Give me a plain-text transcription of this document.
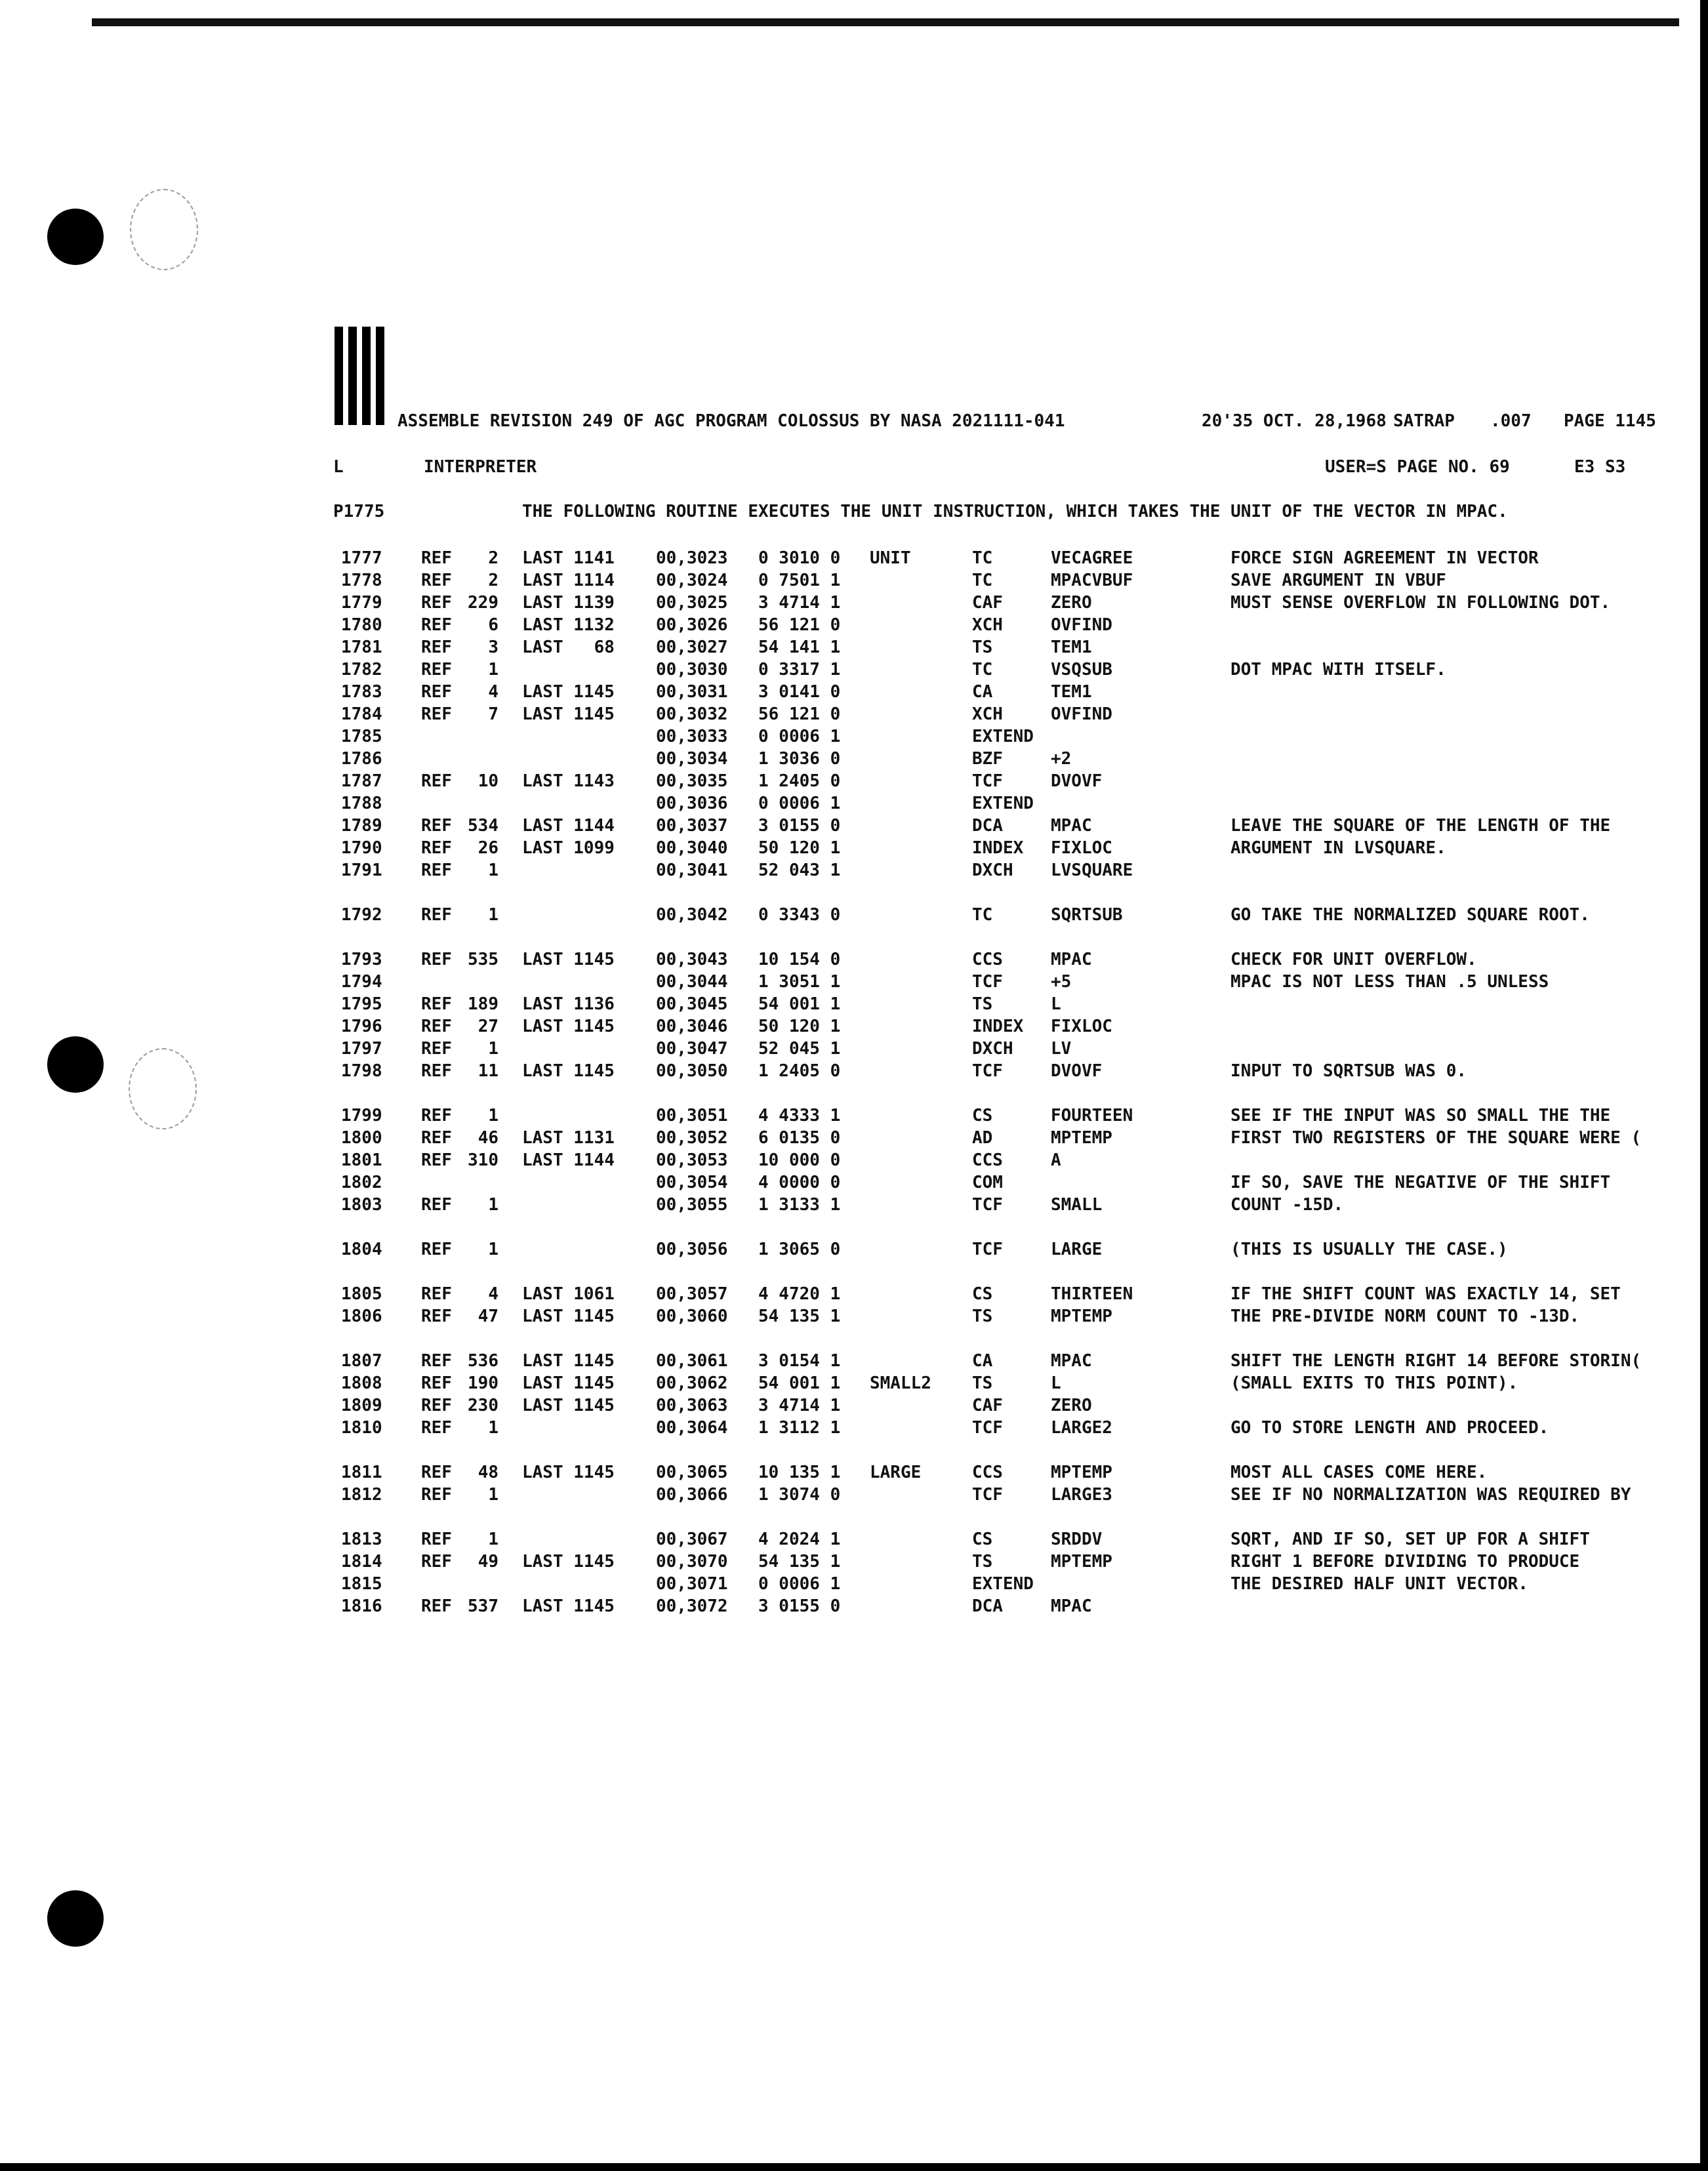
ASSEMBLE REVISION 249 OF AGC PROGRAM COLOSSUS BY NASA 2021111-041	20'35 OCT. 28,1968 SATRAP .007 PAGE 1145
L	INTERPRETER	USER=S PAGE NO. 69	E3 S3
P1775	THE FOLLOWING ROUTINE EXECUTES THE UNIT INSTRUCTION, WHICH TAKES THE UNIT OF THE VECTOR IN MPAC.
1777 REF	2 LAST 1141 00,3023 0 3010 0 UNIT	TC	VECAGREE	FORCE SIGN AGREEMENT IN VECTOR
1778 REF	2 LAST 1114 00,3024 0 7501 1	TC	MPACVBUF	SAVE ARGUMENT IN VBUF
1779 REF 229 LAST 1139 00,3025 3 4714 1	CAF	ZERO	MUST SENSE OVERFLOW IN FOLLOWING DOT.
1780 REF	6 LAST 1132 00,3026 56 121 0	XCH	OVFIND
1781 REF	3 LAST   68 00,3027 54 141 1	TS	TEM1
1782 REF	1	00,3030 0 3317 1	TC	VSQSUB	DOT MPAC WITH ITSELF.
1783 REF	4 LAST 1145 00,3031 3 0141 0	CA	TEM1
1784 REF	7 LAST 1145 00,3032 56 121 0	XCH	OVFIND
1785	00,3033 0 0006 1	EXTEND
1786	00,3034 1 3036 0	BZF	+2
1787 REF	10 LAST 1143 00,3035 1 2405 0	TCF	DVOVF
1788	00,3036 0 0006 1	EXTEND
1789 REF 534 LAST 1144 00,3037 3 0155 0	DCA	MPAC	LEAVE THE SQUARE OF THE LENGTH OF THE
1790 REF	26 LAST 1099 00,3040 50 120 1	INDEX FIXLOC	ARGUMENT IN LVSQUARE.
1791 REF	1	00,3041 52 043 1	DXCH LVSQUARE
1792 REF	1	00,3042 0 3343 0	TC	SQRTSUB	GO TAKE THE NORMALIZED SQUARE ROOT.
1793 REF 535 LAST 1145 00,3043 10 154 0	CCS	MPAC	CHECK FOR UNIT OVERFLOW.
1794	00,3044 1 3051 1	TCF	+5	MPAC IS NOT LESS THAN .5 UNLESS
1795 REF 189 LAST 1136 00,3045 54 001 1	TS	L
1796 REF	27 LAST 1145 00,3046 50 120 1	INDEX FIXLOC
1797 REF	1	00,3047 52 045 1	DXCH LV
1798 REF	11 LAST 1145 00,3050 1 2405 0	TCF	DVOVF	INPUT TO SQRTSUB WAS 0.
1799 REF	1	00,3051 4 4333 1	CS	FOURTEEN	SEE IF THE INPUT WAS SO SMALL THE THE
1800 REF	46 LAST 1131 00,3052 6 0135 0	AD	MPTEMP	FIRST TWO REGISTERS OF THE SQUARE WERE (
1801 REF 310 LAST 1144 00,3053 10 000 0	CCS	A
1802	00,3054 4 0000 0	COM	IF SO, SAVE THE NEGATIVE OF THE SHIFT
1803 REF	1	00,3055 1 3133 1	TCF	SMALL	COUNT -15D.
1804 REF	1	00,3056 1 3065 0	TCF	LARGE	(THIS IS USUALLY THE CASE.)
1805 REF	4 LAST 1061 00,3057 4 4720 1	CS	THIRTEEN	IF THE SHIFT COUNT WAS EXACTLY 14, SET
1806 REF	47 LAST 1145 00,3060 54 135 1	TS	MPTEMP	THE PRE-DIVIDE NORM COUNT TO -13D.
1807 REF 536 LAST 1145 00,3061 3 0154 1	CA	MPAC	SHIFT THE LENGTH RIGHT 14 BEFORE STORIN(
1808 REF 190 LAST 1145 00,3062 54 001 1 SMALL2 TS	L	(SMALL EXITS TO THIS POINT).
1809 REF 230 LAST 1145 00,3063 3 4714 1	CAF	ZERO
1810 REF	1	00,3064 1 3112 1	TCF	LARGE2	GO TO STORE LENGTH AND PROCEED.
1811 REF	48 LAST 1145 00,3065 10 135 1 LARGE	CCS	MPTEMP	MOST ALL CASES COME HERE.
1812 REF	1	00,3066 1 3074 0	TCF	LARGE3	SEE IF NO NORMALIZATION WAS REQUIRED BY
1813 REF	1	00,3067 4 2024 1	CS	SRDDV	SQRT, AND IF SO, SET UP FOR A SHIFT
1814 REF	49 LAST 1145 00,3070 54 135 1	TS	MPTEMP	RIGHT 1 BEFORE DIVIDING TO PRODUCE
1815	00,3071 0 0006 1	EXTEND	THE DESIRED HALF UNIT VECTOR.
1816 REF 537 LAST 1145 00,3072 3 0155 0	DCA	MPAC
